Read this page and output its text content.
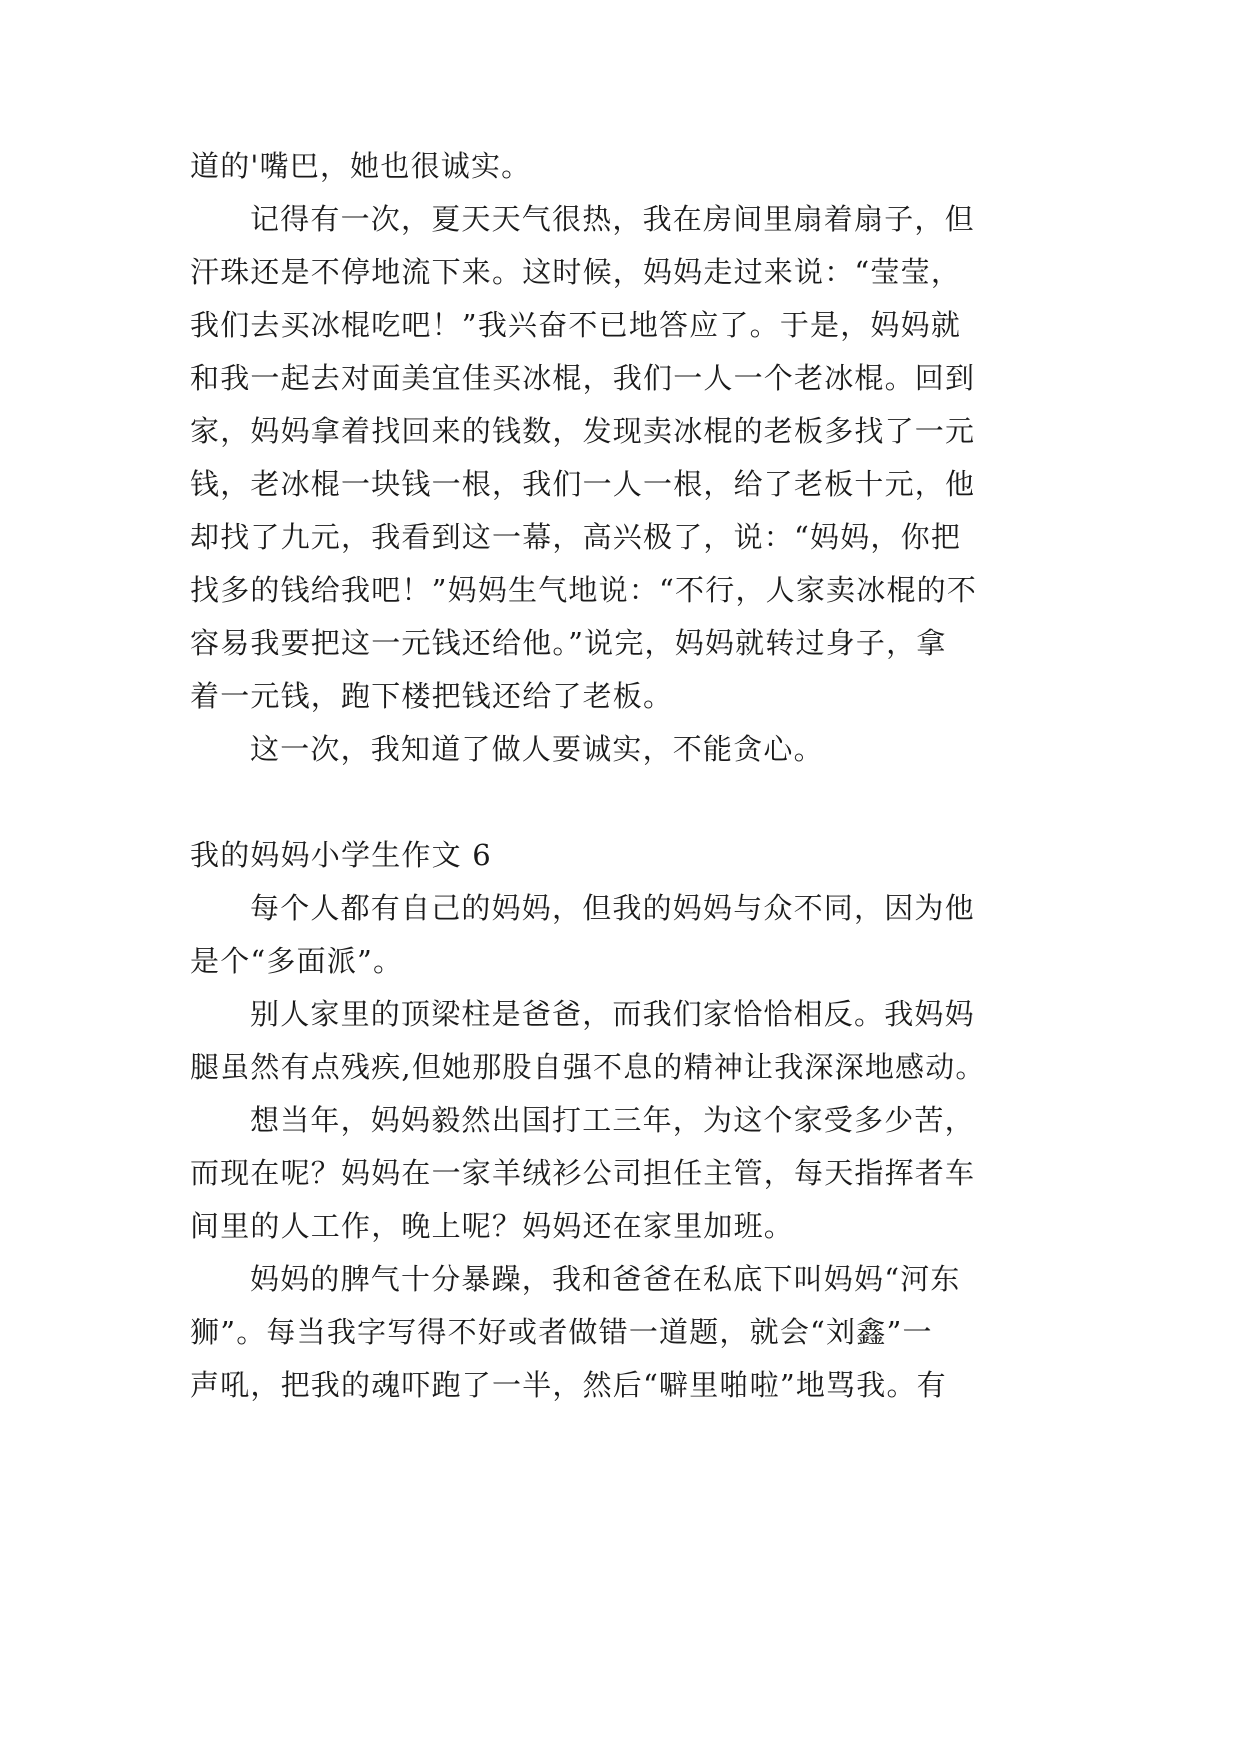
道的'嘴巴，她也很诚实。
记得有一次，夏天天气很热，我在房间里扇着扇子，但
汗珠还是不停地流下来。这时候，妈妈走过来说：“莹莹，
我们去买冰棍吃吧！”我兴奋不已地答应了。于是，妈妈就
和我一起去对面美宜佳买冰棍，我们一人一个老冰棍。回到
家，妈妈拿着找回来的钱数，发现卖冰棍的老板多找了一元
钱，老冰棍一块钱一根，我们一人一根，给了老板十元，他
却找了九元，我看到这一幕，高兴极了，说：“妈妈，你把
找多的钱给我吧！”妈妈生气地说：“不行，人家卖冰棍的不
容易我要把这一元钱还给他。”说完，妈妈就转过身子，拿
着一元钱，跑下楼把钱还给了老板。
这一次，我知道了做人要诚实，不能贪心。
我的妈妈小学生作文 6
每个人都有自己的妈妈，但我的妈妈与众不同，因为他
是个“多面派”。
别人家里的顶梁柱是爸爸，而我们家恰恰相反。我妈妈
腿虽然有点残疾,但她那股自强不息的精神让我深深地感动。
想当年，妈妈毅然出国打工三年，为这个家受多少苦，
而现在呢？妈妈在一家羊绒衫公司担任主管，每天指挥者车
间里的人工作，晚上呢？妈妈还在家里加班。
妈妈的脾气十分暴躁，我和爸爸在私底下叫妈妈“河东
狮”。每当我字写得不好或者做错一道题，就会“刘鑫”一
声吼，把我的魂吓跑了一半，然后“噼里啪啦”地骂我。有
